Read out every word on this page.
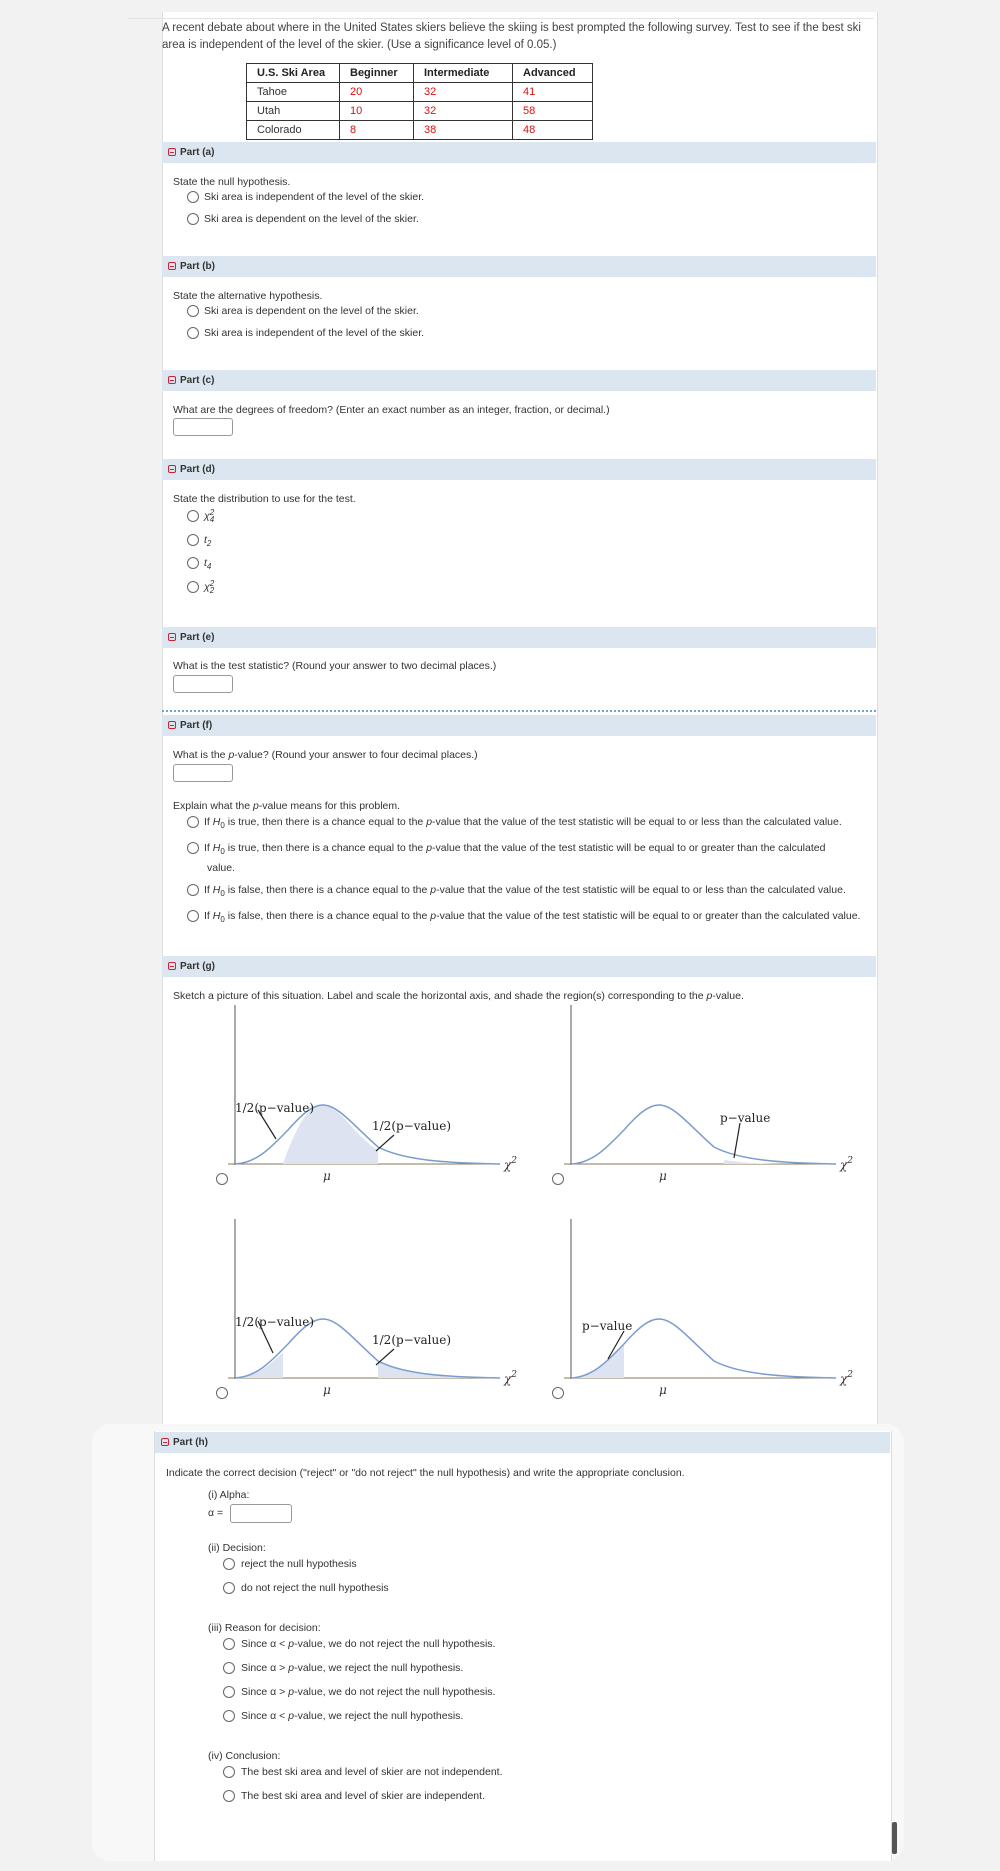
A recent debate about where in the United States skiers believe the skiing is best prompted the following survey. Test to see if the best ski area is independent of the level of the skier. (Use a significance level of 0.05.)
U.S. Ski Area	Beginner	Intermediate	Advanced
Tahoe	20	32	41
Utah	10	32	58
Colorado	8	38	48
Part (a)
State the null hypothesis.
Ski area is independent of the level of the skier.
Ski area is dependent on the level of the skier.
Part (b)
State the alternative hypothesis.
Ski area is dependent on the level of the skier.
Ski area is independent of the level of the skier.
Part (c)
What are the degrees of freedom? (Enter an exact number as an integer, fraction, or decimal.)
Part (d)
State the distribution to use for the test.
χ 2
4
$t_2$
$t_4$
χ 2
2
Part (e)
What is the test statistic? (Round your answer to two decimal places.)
Part (f)
What is the p-value? (Round your answer to four decimal places.)
Explain what the p-value means for this problem.
If $H_0$ is true, then there is a chance equal to the p-value that the value of the test statistic will be equal to or less than the calculated value.
If $H_0$ is true, then there is a chance equal to the p-value that the value of the test statistic will be equal to or greater than the calculated
value.
If $H_0$ is false, then there is a chance equal to the p-value that the value of the test statistic will be equal to or less than the calculated value.
If $H_0$ is false, then there is a chance equal to the p-value that the value of the test statistic will be equal to or greater than the calculated value.
Part (g)
Sketch a picture of this situation. Label and scale the horizontal axis, and shade the region(s) corresponding to the p-value.
1/2(p−value)
1/2(p−value)
μ
$\chi^2$
p−value
μ
$\chi^2$
1/2(p−value)
1/2(p−value)
μ
$\chi^2$
p−value
μ
$\chi^2$
Part (h)
Indicate the correct decision ("reject" or "do not reject" the null hypothesis) and write the appropriate conclusion.
(i) Alpha:
α =
(ii) Decision:
reject the null hypothesis
do not reject the null hypothesis
(iii) Reason for decision:
Since α < p-value, we do not reject the null hypothesis.
Since α > p-value, we reject the null hypothesis.
Since α > p-value, we do not reject the null hypothesis.
Since α < p-value, we reject the null hypothesis.
(iv) Conclusion:
The best ski area and level of skier are not independent.
The best ski area and level of skier are independent.
